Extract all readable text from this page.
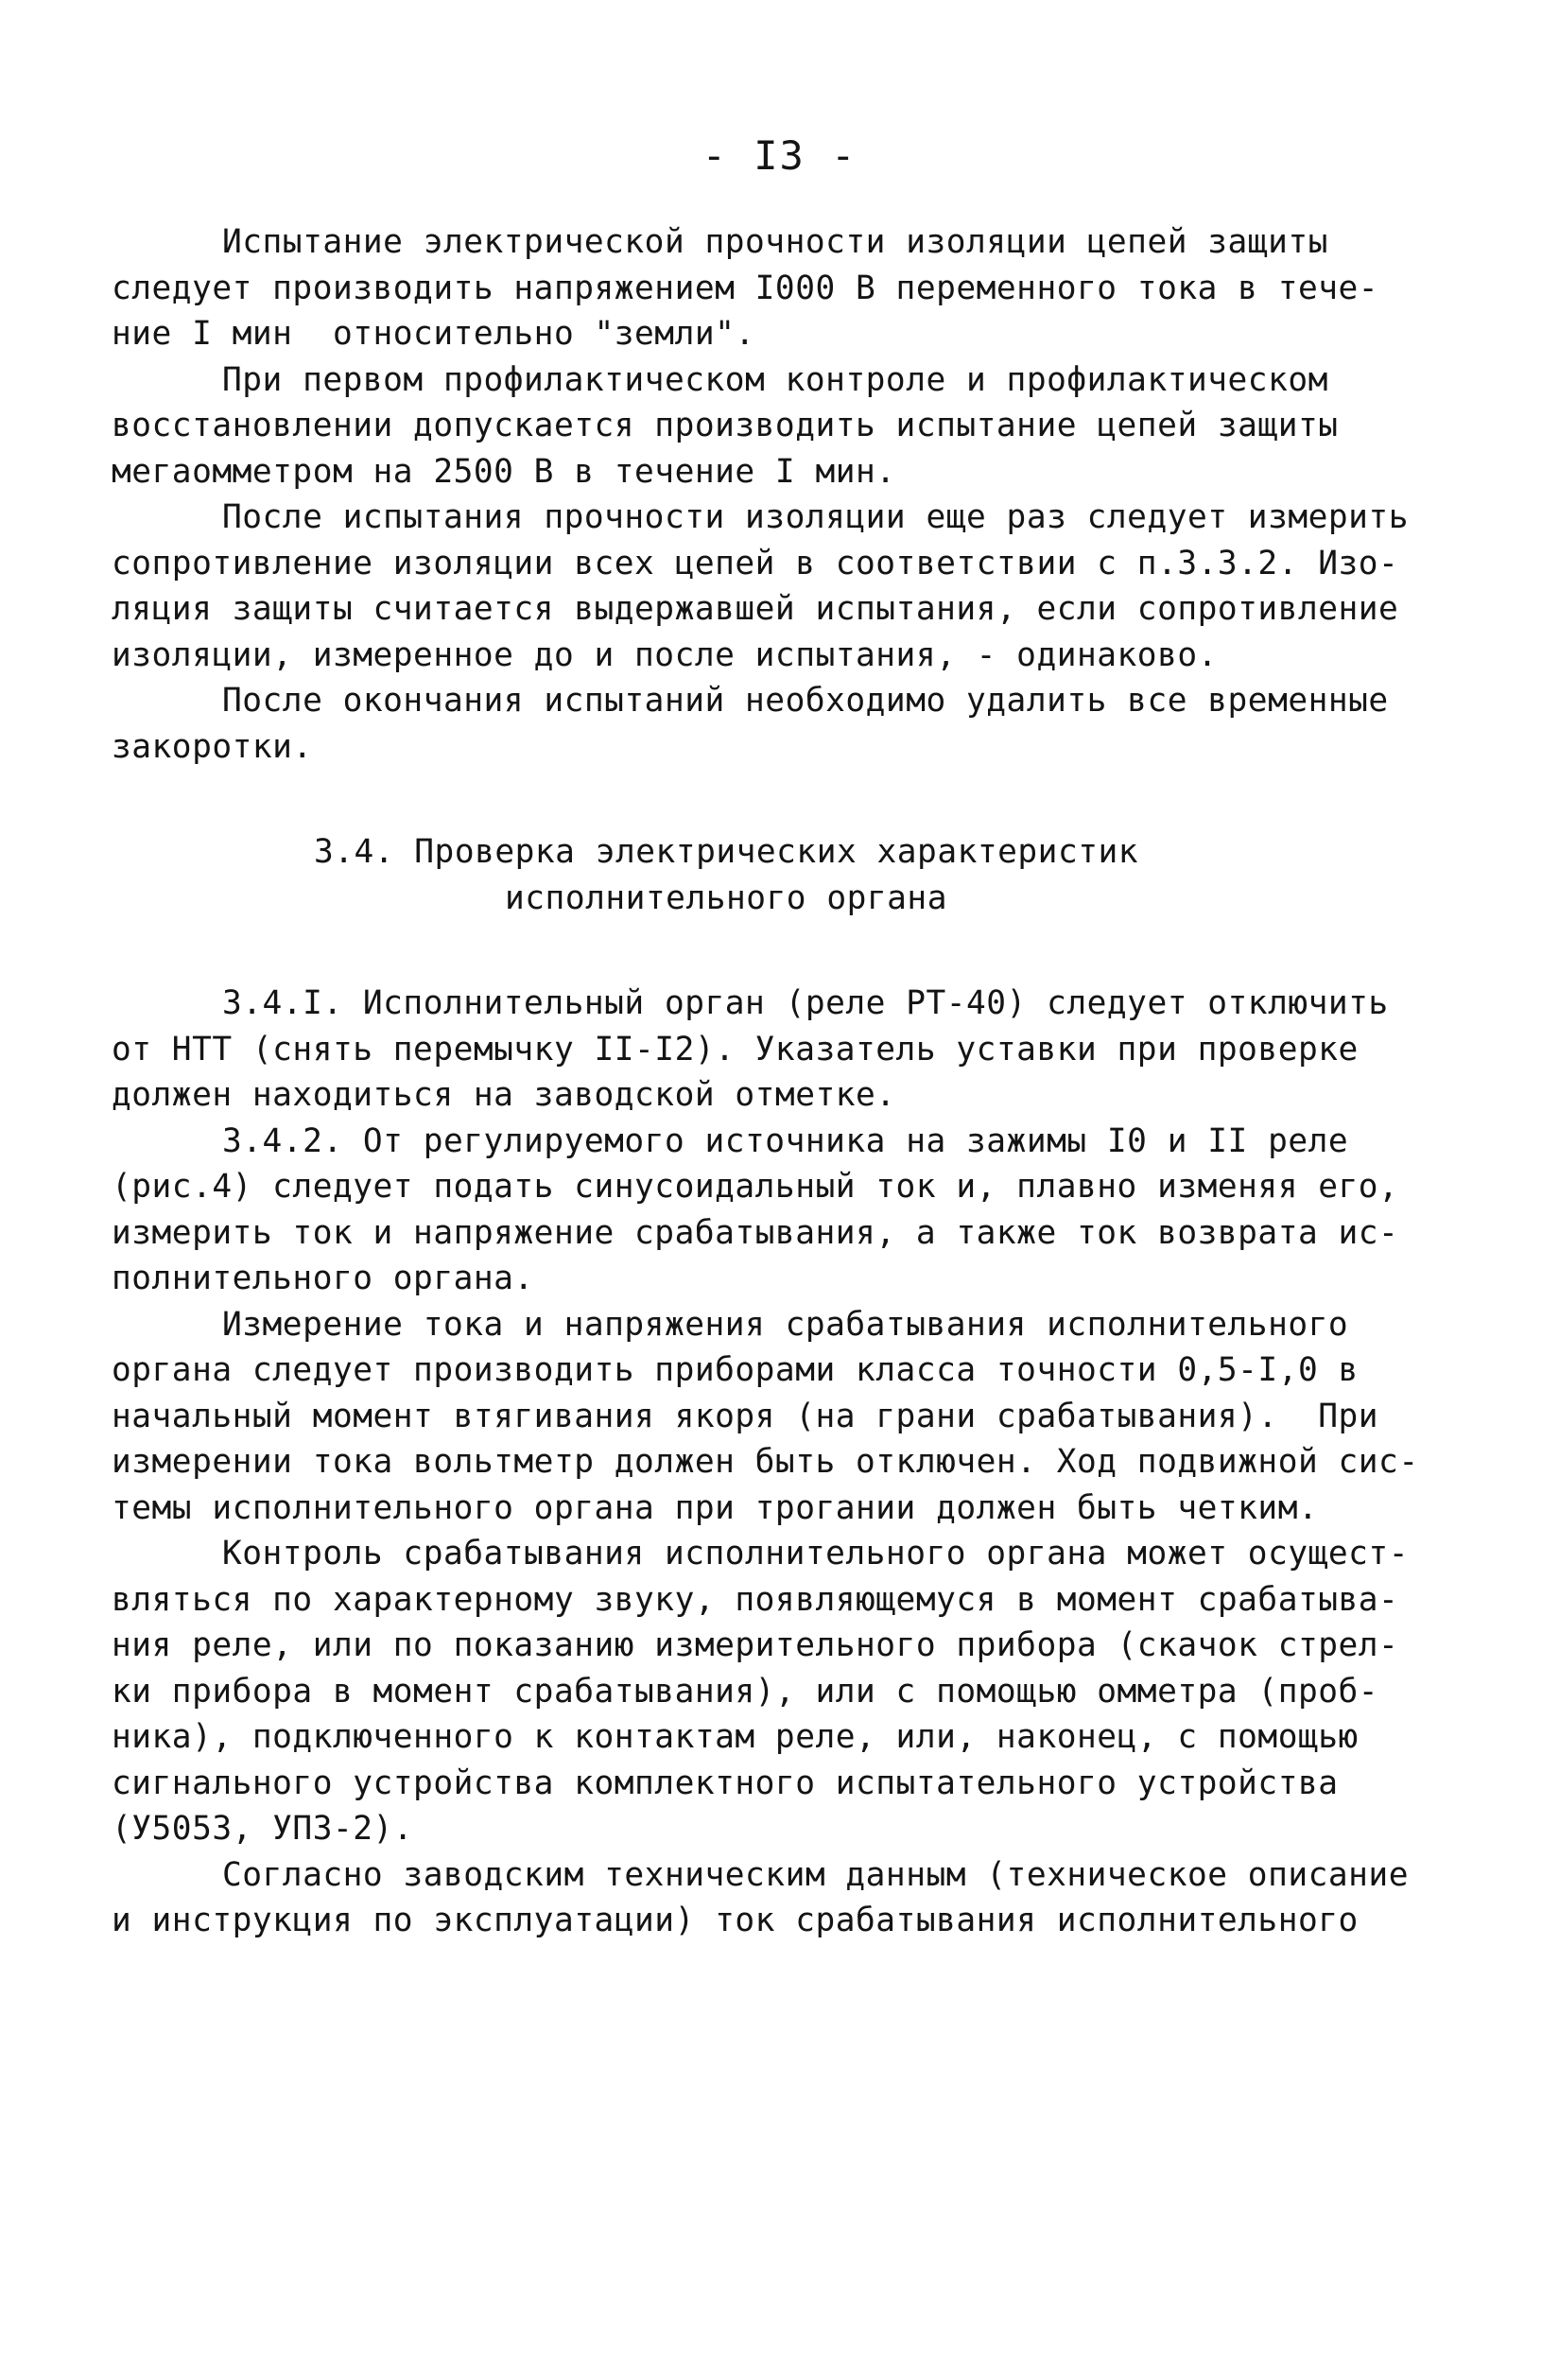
- I3 -
Испытание электрической прочности изоляции цепей защиты
следует производить напряжением I000 В переменного тока в тече-
ние I мин  относительно "земли".
При первом профилактическом контроле и профилактическом
восстановлении допускается производить испытание цепей защиты
мегаомметром на 2500 В в течение I мин.
После испытания прочности изоляции еще раз следует измерить
сопротивление изоляции всех цепей в соответствии с п.3.3.2. Изо-
ляция защиты считается выдержавшей испытания, если сопротивление
изоляции, измеренное до и после испытания, - одинаково.
После окончания испытаний необходимо удалить все временные
закоротки.
3.4. Проверка электрических характеристик
исполнительного органа
3.4.I. Исполнительный орган (реле РТ-40) следует отключить
от НТТ (снять перемычку II-I2). Указатель уставки при проверке
должен находиться на заводской отметке.
3.4.2. От регулируемого источника на зажимы I0 и II реле
(рис.4) следует подать синусоидальный ток и, плавно изменяя его,
измерить ток и напряжение срабатывания, а также ток возврата ис-
полнительного органа.
Измерение тока и напряжения срабатывания исполнительного
органа следует производить приборами класса точности 0,5-I,0 в
начальный момент втягивания якоря (на грани срабатывания).  При
измерении тока вольтметр должен быть отключен. Ход подвижной сис-
темы исполнительного органа при трогании должен быть четким.
Контроль срабатывания исполнительного органа может осущест-
вляться по характерному звуку, появляющемуся в момент срабатыва-
ния реле, или по показанию измерительного прибора (скачок стрел-
ки прибора в момент срабатывания), или с помощью омметра (проб-
ника), подключенного к контактам реле, или, наконец, с помощью
сигнального устройства комплектного испытательного устройства
(У5053, УПЗ-2).
Согласно заводским техническим данным (техническое описание
и инструкция по эксплуатации) ток срабатывания исполнительного
